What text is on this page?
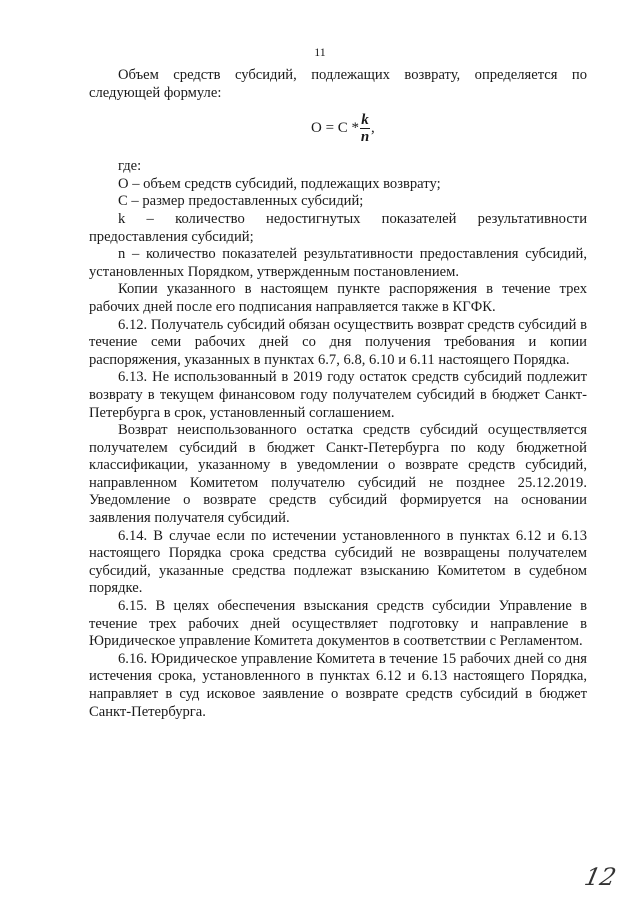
11

Объем средств субсидий, подлежащих возврату, определяется по следующей формуле:

$O = C * \frac{k}{n}$ ,

где:

O – объем средств субсидий, подлежащих возврату;

C – размер предоставленных субсидий;

k – количество недостигнутых показателей результативности предоставления субсидий;

n – количество показателей результативности предоставления субсидий, установленных Порядком, утвержденным постановлением.

Копии указанного в настоящем пункте распоряжения в течение трех рабочих дней после его подписания направляется также в КГФК.

6.12. Получатель субсидий обязан осуществить возврат средств субсидий в течение семи рабочих дней со дня получения требования и копии распоряжения, указанных в пунктах 6.7, 6.8, 6.10 и 6.11 настоящего Порядка.

6.13. Не использованный в 2019 году остаток средств субсидий подлежит возврату в текущем финансовом году получателем субсидий в бюджет Санкт-Петербурга в срок, установленный соглашением.

Возврат неиспользованного остатка средств субсидий осуществляется получателем субсидий в бюджет Санкт-Петербурга по коду бюджетной классификации, указанному в уведомлении о возврате средств субсидий, направленном Комитетом получателю субсидий не позднее 25.12.2019. Уведомление о возврате средств субсидий формируется на основании заявления получателя субсидий.

6.14. В случае если по истечении установленного в пунктах 6.12 и 6.13 настоящего Порядка срока средства субсидий не возвращены получателем субсидий, указанные средства подлежат взысканию Комитетом в судебном порядке.

6.15. В целях обеспечения взыскания средств субсидии Управление в течение трех рабочих дней осуществляет подготовку и направление в Юридическое управление Комитета документов в соответствии с Регламентом.

6.16. Юридическое управление Комитета в течение 15 рабочих дней со дня истечения срока, установленного в пунктах 6.12 и 6.13 настоящего Порядка, направляет в суд исковое заявление о возврате средств субсидий в бюджет Санкт-Петербурга.

12
